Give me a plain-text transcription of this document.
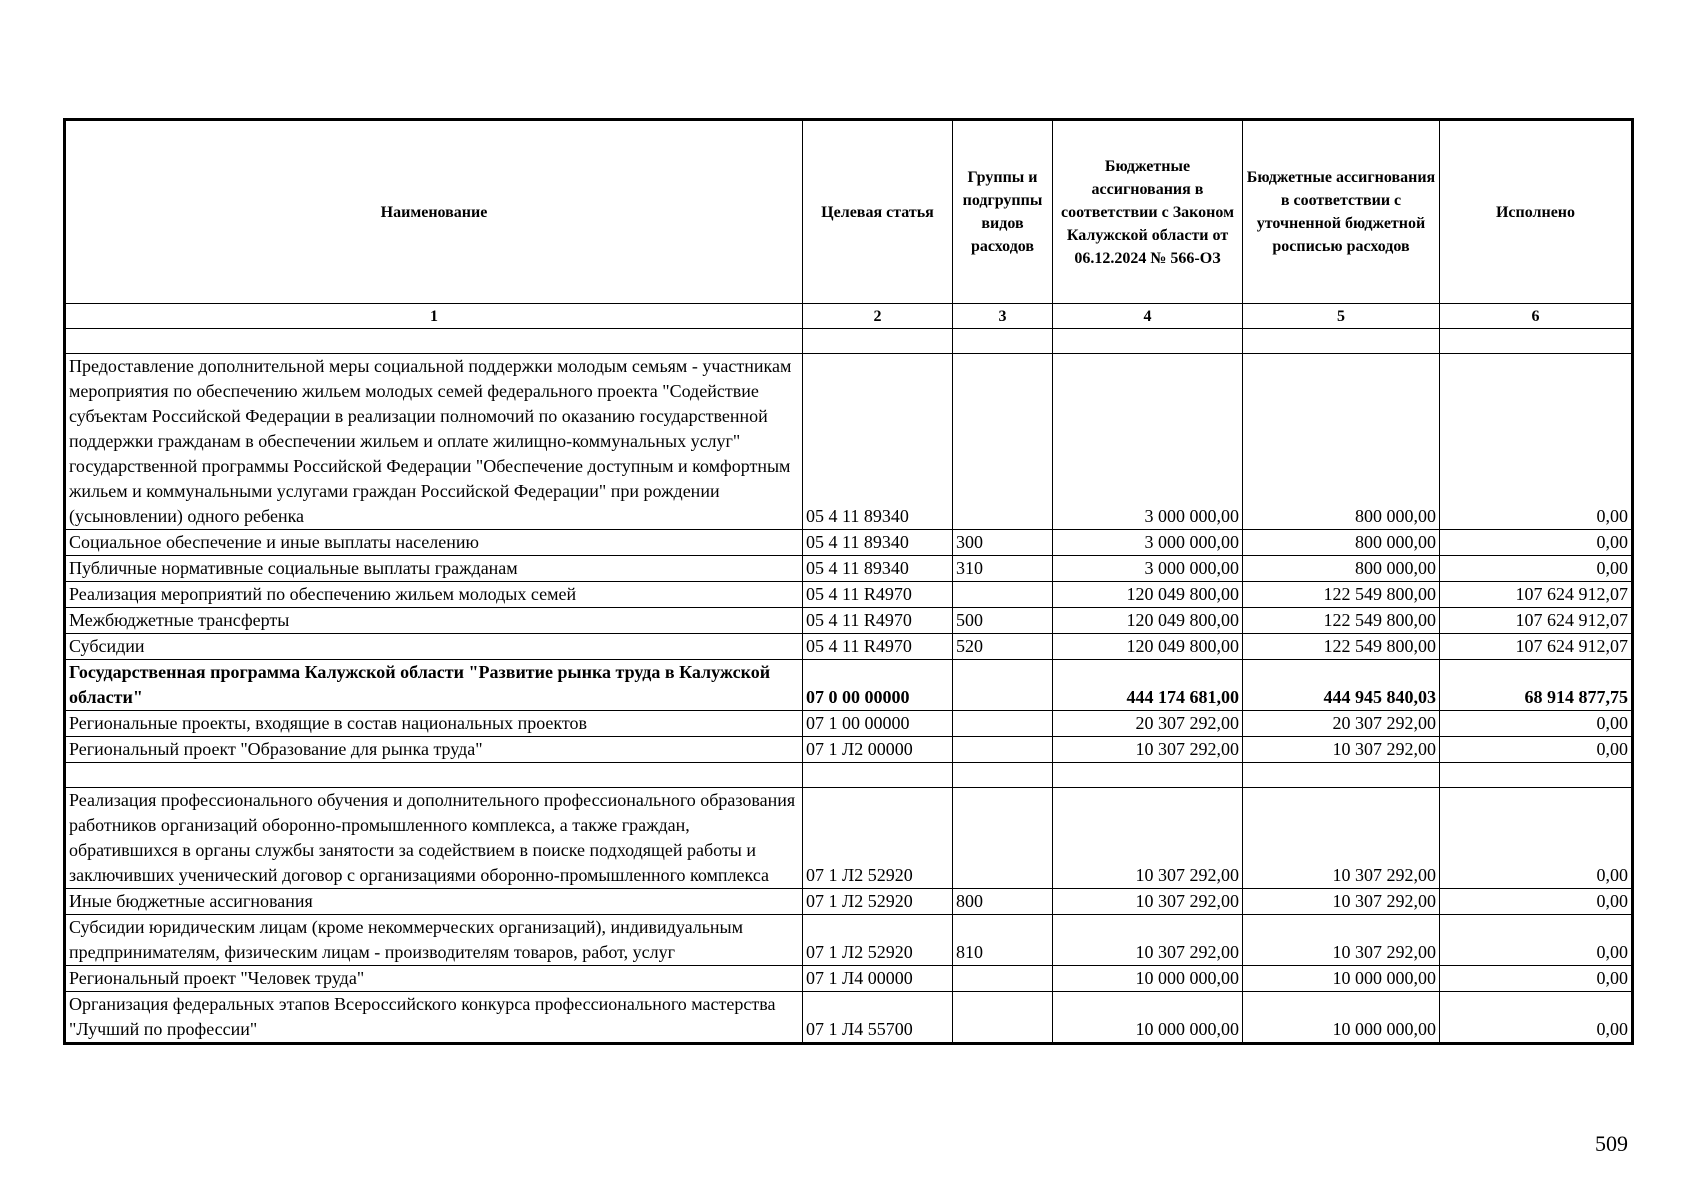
Наименование	Целевая статья	Группы и подгруппы видов расходов	Бюджетные ассигнования в соответствии с Законом Калужской области от 06.12.2024 № 566-ОЗ	Бюджетные ассигнования в соответствии с уточненной бюджетной росписью расходов	Исполнено
1	2	3	4	5	6

Предоставление дополнительной меры социальной поддержки молодым семьям - участникам мероприятия по обеспечению жильем молодых семей федерального проекта "Содействие субъектам Российской Федерации в реализации полномочий по оказанию государственной поддержки гражданам в обеспечении жильем и оплате жилищно-коммунальных услуг" государственной программы Российской Федерации "Обеспечение доступным и комфортным жильем и коммунальными услугами граждан Российской Федерации" при рождении (усыновлении) одного ребенка	05 4 11 89340		3 000 000,00	800 000,00	0,00
Социальное обеспечение и иные выплаты населению	05 4 11 89340	300	3 000 000,00	800 000,00	0,00
Публичные нормативные социальные выплаты гражданам	05 4 11 89340	310	3 000 000,00	800 000,00	0,00
Реализация мероприятий по обеспечению жильем молодых семей	05 4 11 R4970		120 049 800,00	122 549 800,00	107 624 912,07
Межбюджетные трансферты	05 4 11 R4970	500	120 049 800,00	122 549 800,00	107 624 912,07
Субсидии	05 4 11 R4970	520	120 049 800,00	122 549 800,00	107 624 912,07
Государственная программа Калужской области "Развитие рынка труда в Калужской области"	07 0 00 00000		444 174 681,00	444 945 840,03	68 914 877,75
Региональные проекты, входящие в состав национальных проектов	07 1 00 00000		20 307 292,00	20 307 292,00	0,00
Региональный проект "Образование для рынка труда"	07 1 Л2 00000		10 307 292,00	10 307 292,00	0,00

Реализация профессионального обучения и дополнительного профессионального образования работников организаций оборонно-промышленного комплекса, а также граждан, обратившихся в органы службы занятости за содействием в поиске подходящей работы и заключивших ученический договор с организациями оборонно-промышленного комплекса	07 1 Л2 52920		10 307 292,00	10 307 292,00	0,00
Иные бюджетные ассигнования	07 1 Л2 52920	800	10 307 292,00	10 307 292,00	0,00
Субсидии юридическим лицам (кроме некоммерческих организаций), индивидуальным предпринимателям, физическим лицам - производителям товаров, работ, услуг	07 1 Л2 52920	810	10 307 292,00	10 307 292,00	0,00
Региональный проект "Человек труда"	07 1 Л4 00000		10 000 000,00	10 000 000,00	0,00
Организация федеральных этапов Всероссийского конкурса профессионального мастерства "Лучший по профессии"	07 1 Л4 55700		10 000 000,00	10 000 000,00	0,00
509
